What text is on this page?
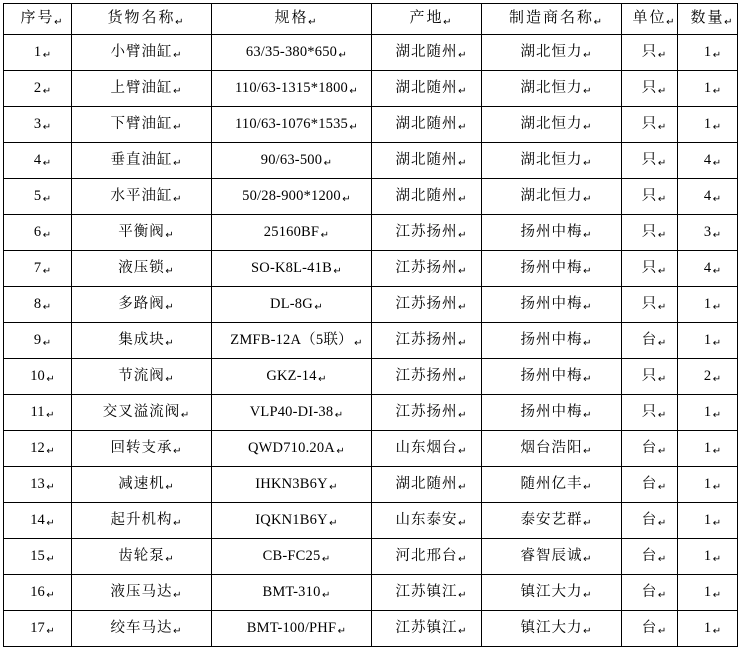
序号 ↵	货物名称 ↵	规格 ↵	产地 ↵	制造商名称 ↵	单位 ↵	数量 ↵

1 ↵	小臂油缸 ↵	63/35-380*650 ↵	湖北随州 ↵	湖北恒力 ↵	只 ↵	1 ↵

2 ↵	上臂油缸 ↵	110/63-1315*1800 ↵	湖北随州 ↵	湖北恒力 ↵	只 ↵	1 ↵

3 ↵	下臂油缸 ↵	110/63-1076*1535 ↵	湖北随州 ↵	湖北恒力 ↵	只 ↵	1 ↵

4 ↵	垂直油缸 ↵	90/63-500 ↵	湖北随州 ↵	湖北恒力 ↵	只 ↵	4 ↵

5 ↵	水平油缸 ↵	50/28-900*1200 ↵	湖北随州 ↵	湖北恒力 ↵	只 ↵	4 ↵

6 ↵	平衡阀 ↵	25160BF ↵	江苏扬州 ↵	扬州中梅 ↵	只 ↵	3 ↵

7 ↵	液压锁 ↵	SO-K8L-41B ↵	江苏扬州 ↵	扬州中梅 ↵	只 ↵	4 ↵

8 ↵	多路阀 ↵	DL-8G ↵	江苏扬州 ↵	扬州中梅 ↵	只 ↵	1 ↵

9 ↵	集成块 ↵	ZMFB-12A（5联） ↵	江苏扬州 ↵	扬州中梅 ↵	台 ↵	1 ↵

10 ↵	节流阀 ↵	GKZ-14 ↵	江苏扬州 ↵	扬州中梅 ↵	只 ↵	2 ↵

11 ↵	交叉溢流阀 ↵	VLP40-DI-38 ↵	江苏扬州 ↵	扬州中梅 ↵	只 ↵	1 ↵

12 ↵	回转支承 ↵	QWD710.20A ↵	山东烟台 ↵	烟台浩阳 ↵	台 ↵	1 ↵

13 ↵	减速机 ↵	IHKN3B6Y ↵	湖北随州 ↵	随州亿丰 ↵	台 ↵	1 ↵

14 ↵	起升机构 ↵	IQKN1B6Y ↵	山东泰安 ↵	泰安艺群 ↵	台 ↵	1 ↵

15 ↵	齿轮泵 ↵	CB-FC25 ↵	河北邢台 ↵	睿智辰诚 ↵	台 ↵	1 ↵

16 ↵	液压马达 ↵	BMT-310 ↵	江苏镇江 ↵	镇江大力 ↵	台 ↵	1 ↵

17 ↵	绞车马达 ↵	BMT-100/PHF ↵	江苏镇江 ↵	镇江大力 ↵	台 ↵	1 ↵
